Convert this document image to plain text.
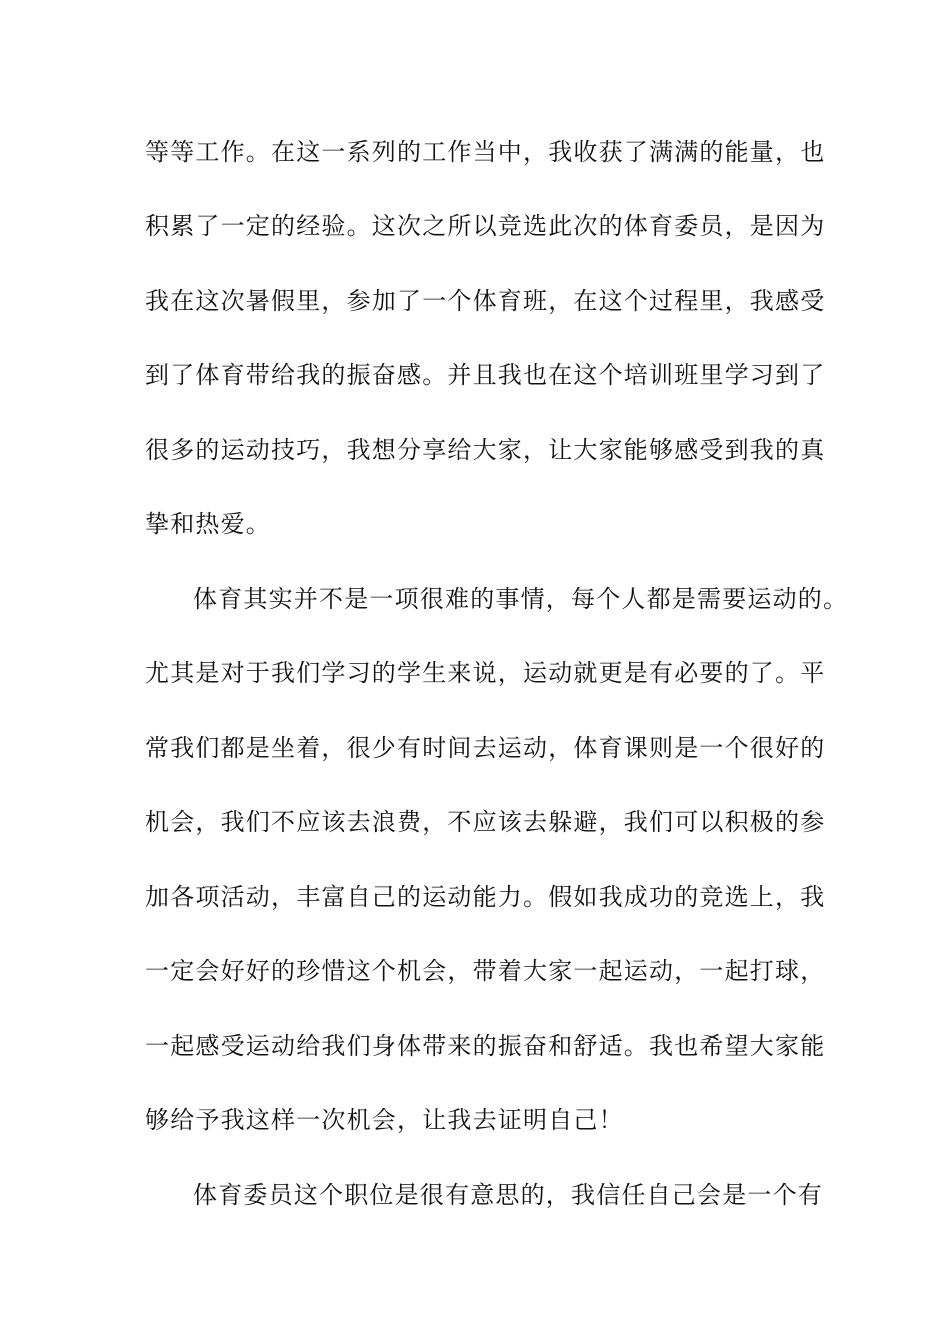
等等工作。在这一系列的工作当中，我收获了满满的能量，也
积累了一定的经验。这次之所以竞选此次的体育委员，是因为
我在这次暑假里，参加了一个体育班，在这个过程里，我感受
到了体育带给我的振奋感。并且我也在这个培训班里学习到了
很多的运动技巧，我想分享给大家，让大家能够感受到我的真
挚和热爱。
体育其实并不是一项很难的事情，每个人都是需要运动的。
尤其是对于我们学习的学生来说，运动就更是有必要的了。平
常我们都是坐着，很少有时间去运动，体育课则是一个很好的
机会，我们不应该去浪费，不应该去躲避，我们可以积极的参
加各项活动，丰富自己的运动能力。假如我成功的竞选上，我
一定会好好的珍惜这个机会，带着大家一起运动，一起打球，
一起感受运动给我们身体带来的振奋和舒适。我也希望大家能
够给予我这样一次机会，让我去证明自己！
体育委员这个职位是很有意思的，我信任自己会是一个有
